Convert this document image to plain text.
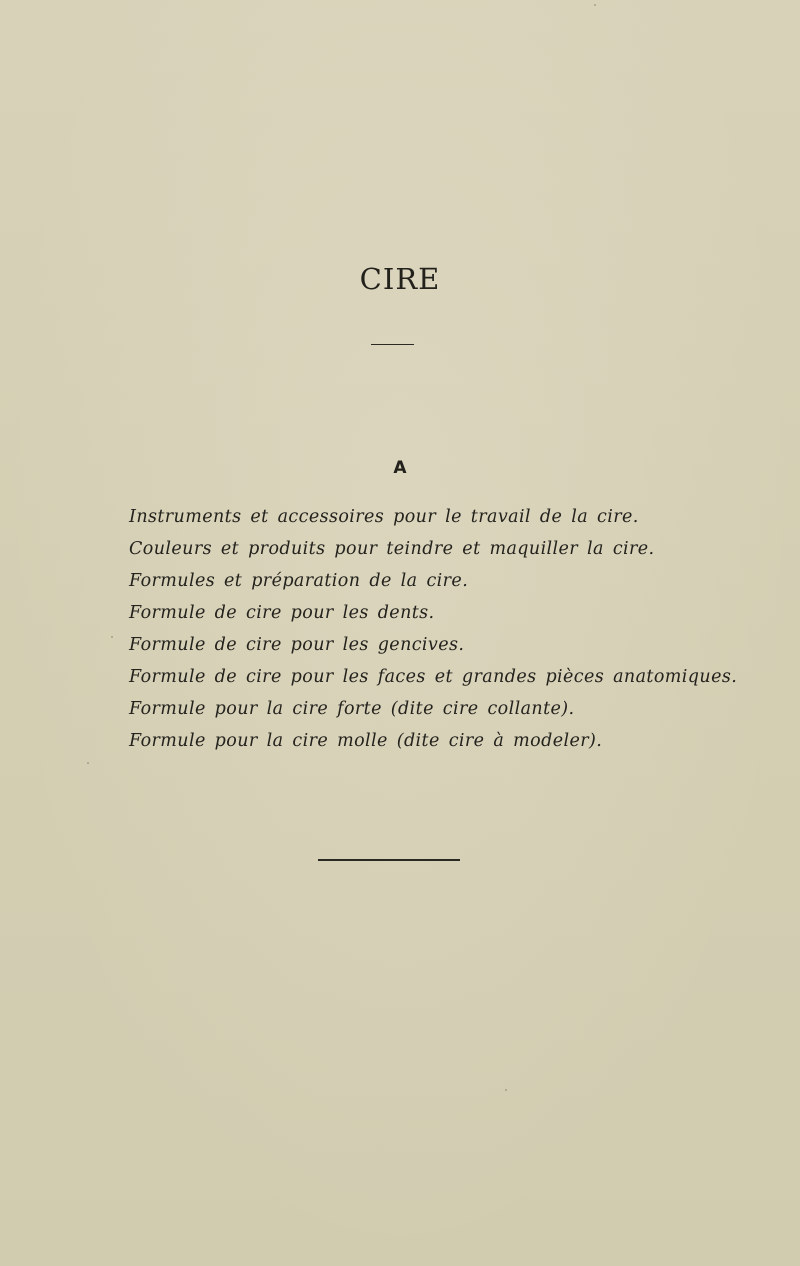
CIRE
A
Instruments et accessoires pour le travail de la cire.
Couleurs et produits pour teindre et maquiller la cire.
Formules et préparation de la cire.
Formule de cire pour les dents.
Formule de cire pour les gencives.
Formule de cire pour les faces et grandes pièces anatomiques.
Formule pour la cire forte (dite cire collante).
Formule pour la cire molle (dite cire à modeler).
